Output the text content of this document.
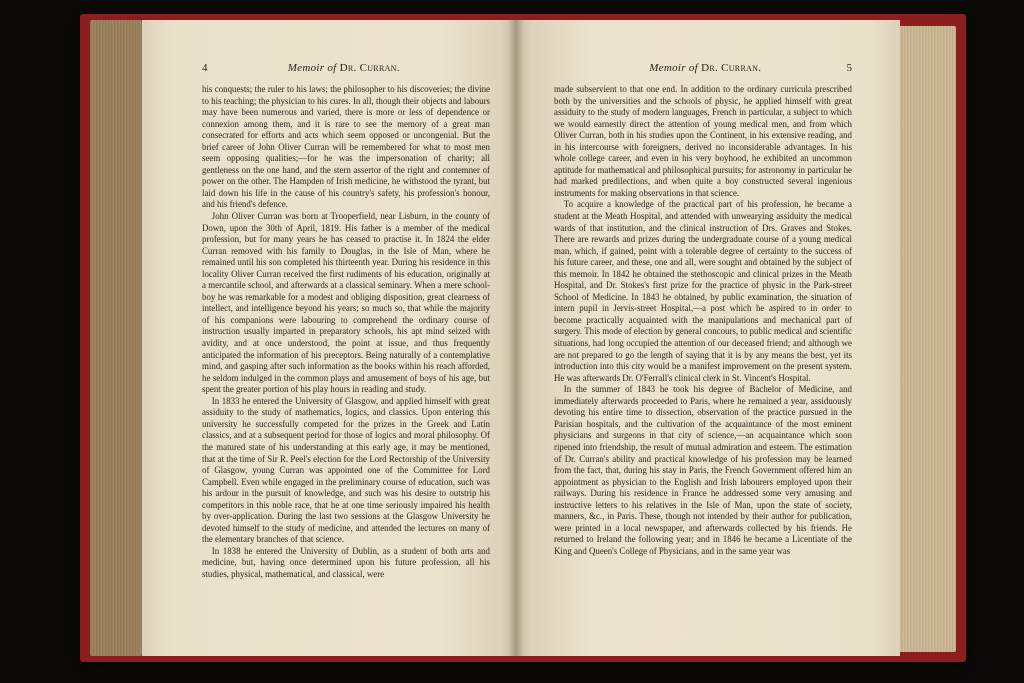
4	Memoir of Dr. Curran.

his conquests; the ruler to his laws; the philosopher to his discoveries; the divine to his teaching; the physician to his cures. In all, though their objects and labours may have been numerous and varied, there is more or less of dependence or connexion among them, and it is rare to see the memory of a great man consecrated for efforts and acts which seem opposed or uncongenial. But the brief career of John Oliver Curran will be remembered for what to most men seem opposing qualities;—for he was the impersonation of charity; all gentleness on the one hand, and the stern assertor of the right and contemner of power on the other. The Hampden of Irish medicine, he withstood the tyrant, but laid down his life in the cause of his country's safety, his profession's honour, and his friend's defence.

John Oliver Curran was born at Trooperfield, near Lisburn, in the county of Down, upon the 30th of April, 1819. His father is a member of the medical profession, but for many years he has ceased to practise it. In 1824 the elder Curran removed with his family to Douglas, in the Isle of Man, where he remained until his son completed his thirteenth year. During his residence in this locality Oliver Curran received the first rudiments of his education, originally at a mercantile school, and afterwards at a classical seminary. When a mere school-boy he was remarkable for a modest and obliging disposition, great clearness of intellect, and intelligence beyond his years; so much so, that while the majority of his companions were labouring to comprehend the ordinary course of instruction usually imparted in preparatory schools, his apt mind seized with avidity, and at once understood, the point at issue, and thus frequently anticipated the information of his preceptors. Being naturally of a contemplative mind, and gasping after such information as the books within his reach afforded, he seldom indulged in the common plays and amusement of boys of his age, but spent the greater portion of his play hours in reading and study.

In 1833 he entered the University of Glasgow, and applied himself with great assiduity to the study of mathematics, logics, and classics. Upon entering this university he successfully competed for the prizes in the Greek and Latin classics, and at a subsequent period for those of logics and moral philosophy. Of the matured state of his understanding at this early age, it may be mentioned, that at the time of Sir R. Peel's election for the Lord Rectorship of the University of Glasgow, young Curran was appointed one of the Committee for Lord Campbell. Even while engaged in the preliminary course of education, such was his ardour in the pursuit of knowledge, and such was his desire to outstrip his competitors in this noble race, that he at one time seriously impaired his health by over-application. During the last two sessions at the Glasgow University he devoted himself to the study of medicine, and attended the lectures on many of the elementary branches of that science.

In 1838 he entered the University of Dublin, as a student of both arts and medicine, but, having once determined upon his future profession, all his studies, physical, mathematical, and classical, were

Memoir of Dr. Curran.	5

made subservient to that one end. In addition to the ordinary curricula prescribed both by the universities and the schools of physic, he applied himself with great assiduity to the study of modern languages, French in particular, a subject to which we would earnestly direct the attention of young medical men, and from which Oliver Curran, both in his studies upon the Continent, in his extensive reading, and in his intercourse with foreigners, derived no inconsiderable advantages. In his whole college career, and even in his very boyhood, he exhibited an uncommon aptitude for mathematical and philosophical pursuits; for astronomy in particular he had marked predilections, and when quite a boy constructed several ingenious instruments for making observations in that science.

To acquire a knowledge of the practical part of his profession, he became a student at the Meath Hospital, and attended with unwearying assiduity the medical wards of that institution, and the clinical instruction of Drs. Graves and Stokes. There are rewards and prizes during the undergraduate course of a young medical man, which, if gained, point with a tolerable degree of certainty to the success of his future career, and these, one and all, were sought and obtained by the subject of this memoir. In 1842 he obtained the stethoscopic and clinical prizes in the Meath Hospital, and Dr. Stokes's first prize for the practice of physic in the Park-street School of Medicine. In 1843 he obtained, by public examination, the situation of intern pupil in Jervis-street Hospital,—a post which he aspired to in order to become practically acquainted with the manipulations and mechanical part of surgery. This mode of election by general concours, to public medical and scientific situations, had long occupied the attention of our deceased friend; and although we are not prepared to go the length of saying that it is by any means the best, yet its introduction into this city would be a manifest improvement on the present system. He was afterwards Dr. O'Ferrall's clinical clerk in St. Vincent's Hospital.

In the summer of 1843 he took his degree of Bachelor of Medicine, and immediately afterwards proceeded to Paris, where he remained a year, assiduously devoting his entire time to dissection, observation of the practice pursued in the Parisian hospitals, and the cultivation of the acquaintance of the most eminent physicians and surgeons in that city of science,—an acquaintance which soon ripened into friendship, the result of mutual admiration and esteem. The estimation of Dr. Curran's ability and practical knowledge of his profession may be learned from the fact, that, during his stay in Paris, the French Government offered him an appointment as physician to the English and Irish labourers employed upon their railways. During his residence in France he addressed some very amusing and instructive letters to his relatives in the Isle of Man, upon the state of society, manners, &c., in Paris. These, though not intended by their author for publication, were printed in a local newspaper, and afterwards collected by his friends. He returned to Ireland the following year; and in 1846 he became a Licentiate of the King and Queen's College of Physicians, and in the same year was
